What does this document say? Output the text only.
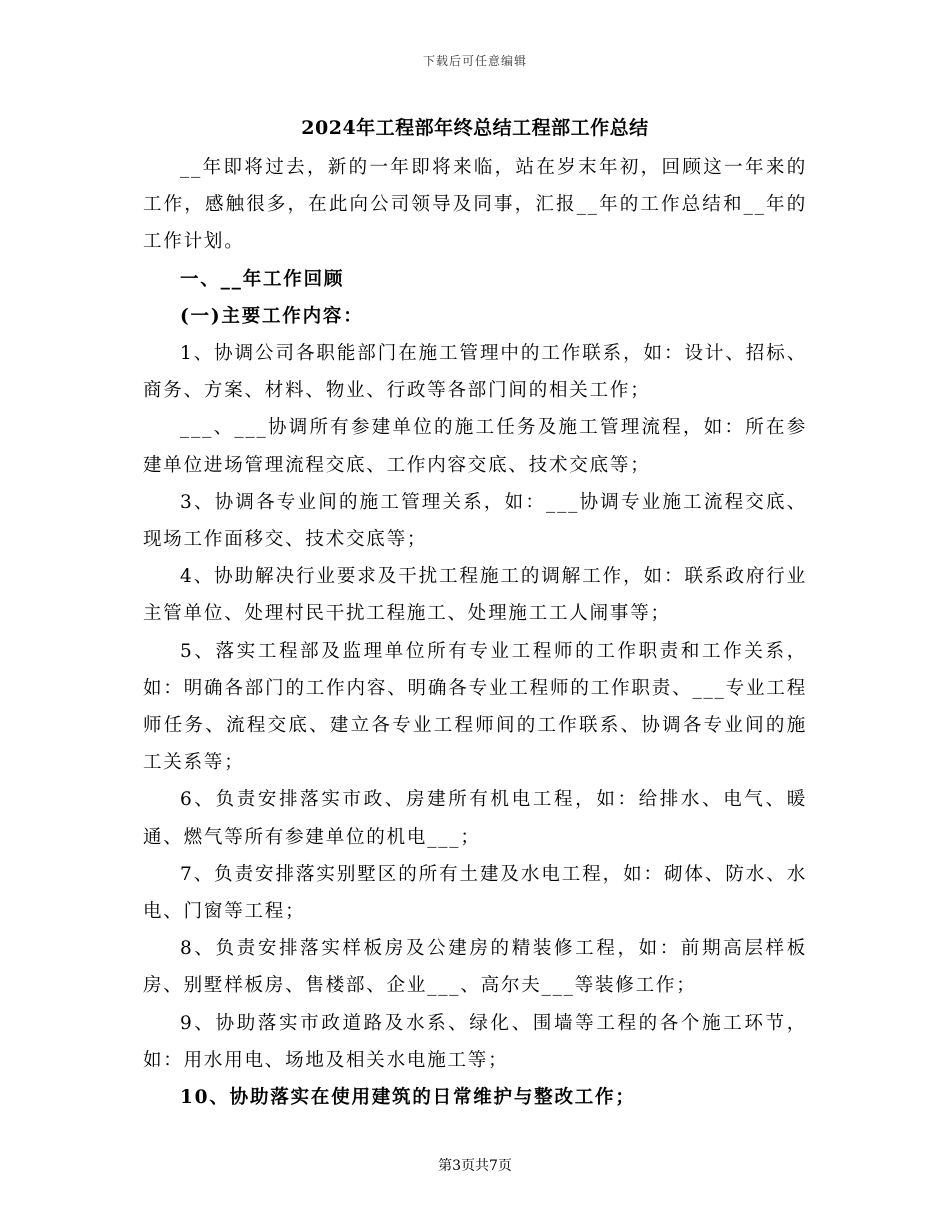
下载后可任意编辑
2024年工程部年终总结工程部工作总结

__年即将过去，新的一年即将来临，站在岁末年初，回顾这一年来的工作，感触很多，在此向公司领导及同事，汇报__年的工作总结和__年的工作计划。

一、__年工作回顾

(一)主要工作内容：

1、协调公司各职能部门在施工管理中的工作联系，如：设计、招标、商务、方案、材料、物业、行政等各部门间的相关工作；

___、___协调所有参建单位的施工任务及施工管理流程，如：所在参建单位进场管理流程交底、工作内容交底、技术交底等；

3、协调各专业间的施工管理关系，如：___协调专业施工流程交底、现场工作面移交、技术交底等；

4、协助解决行业要求及干扰工程施工的调解工作，如：联系政府行业主管单位、处理村民干扰工程施工、处理施工工人闹事等；

5、落实工程部及监理单位所有专业工程师的工作职责和工作关系，如：明确各部门的工作内容、明确各专业工程师的工作职责、___专业工程师任务、流程交底、建立各专业工程师间的工作联系、协调各专业间的施工关系等；

6、负责安排落实市政、房建所有机电工程，如：给排水、电气、暖通、燃气等所有参建单位的机电___；

7、负责安排落实别墅区的所有土建及水电工程，如：砌体、防水、水电、门窗等工程；

8、负责安排落实样板房及公建房的精装修工程，如：前期高层样板房、别墅样板房、售楼部、企业___、高尔夫___等装修工作；

9、协助落实市政道路及水系、绿化、围墙等工程的各个施工环节，如：用水用电、场地及相关水电施工等；

10、协助落实在使用建筑的日常维护与整改工作；

第3页共7页
